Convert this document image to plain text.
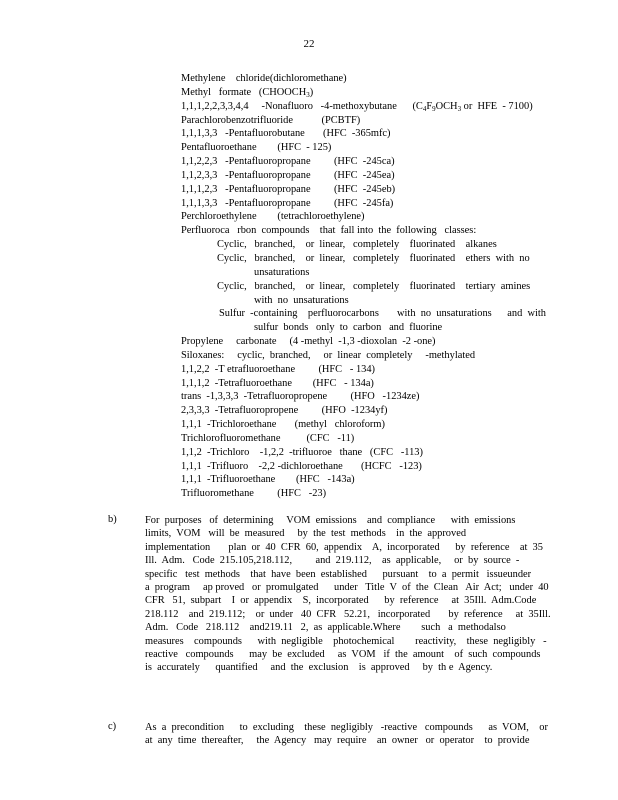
22
Methylene    chloride(dichloromethane)
Methyl   formate   $(CHOOCH_3)$
1,1,1,2,2,3,3,4,4     -Nonafluoro   -4-methoxybutane      ($C_4F_9OCH_3$ or  HFE  - 7100)
Parachlorobenzotrifluoride           (PCBTF)
1,1,1,3,3   -Pentafluorobutane       (HFC  -365mfc)
Pentafluoroethane        (HFC  - 125)
1,1,2,2,3   -Pentafluoropropane         (HFC  -245ca)
1,1,2,3,3   -Pentafluoropropane         (HFC  -245ea)
1,1,1,2,3   -Pentafluoropropane         (HFC  -245eb)
1,1,1,3,3   -Pentafluoropropane         (HFC  -245fa)
Perchloroethylene        (tetrachloroethylene)
Perfluoroca   rbon  compounds    that  fall into  the  following   classes:
Cyclic,   branched,    or  linear,   completely    fluorinated    alkanes
Cyclic,   branched,    or  linear,   completely    fluorinated    ethers  with  no
unsaturations
Cyclic,   branched,    or  linear,   completely    fluorinated    tertiary  amines
with  no  unsaturations
Sulfur  -containing    perfluorocarbons       with  no  unsaturations      and  with
sulfur  bonds   only  to  carbon   and  fluorine
Propylene     carbonate     (4 -methyl  -1,3 -dioxolan  -2 -one)
Siloxanes:     cyclic,  branched,     or  linear  completely     -methylated
1,1,2,2  -T etrafluoroethane         (HFC   - 134)
1,1,1,2  -Tetrafluoroethane        (HFC   - 134a)
trans  -1,3,3,3  -Tetrafluoropropene         (HFO   -1234ze)
2,3,3,3  -Tetrafluoropropene         (HFO  -1234yf)
1,1,1  -Trichloroethane       (methyl   chloroform)
Trichlorofluoromethane          (CFC   -11)
1,1,2  -Trichloro    -1,2,2  -trifluoroe   thane   (CFC   -113)
1,1,1  -Trifluoro    -2,2 -dichloroethane       (HCFC   -123)
1,1,1  -Trifluoroethane        (HFC   -143a)
Trifluoromethane         (HFC   -23)
b)	For  purposes   of  determining     VOM  emissions    and  compliance      with  emissions
limits,  VOM   will  be  measured     by  the  test  methods    in  the  approved
implementation       plan  or  40  CFR  60,  appendix    A,  incorporated      by  reference    at  35
Ill.  Adm.   Code  215.105,218.112,         and  219.112,    as  applicable,     or  by  source  -
specific   test  methods    that  have  been  established      pursuant    to  a  permit   issueunder
a  program     ap proved   or  promulgated      under   Title  V  of  the  Clean   Air  Act;   under  40
CFR   51,  subpart    I  or  appendix    S,  incorporated      by  reference     at  35Ill.  Adm.Code
218.112    and  219.112;    or  under   40  CFR   52.21,   incorporated       by  reference     at  35Ill.
Adm.   Code   218.112    and219.11   2,  as  applicable.Where        such   a  methodalso
measures    compounds      with  negligible    photochemical        reactivity,    these  negligibly   -
reactive   compounds      may  be  excluded     as  VOM   if  the  amount    of  such  compounds
is  accurately      quantified     and  the  exclusion    is  approved     by  th e  Agency.
c)	As  a  precondition      to  excluding    these  negligibly   -reactive   compounds      as  VOM,    or
at  any  time  thereafter,     the  Agency   may  require    an  owner   or  operator    to  provide
